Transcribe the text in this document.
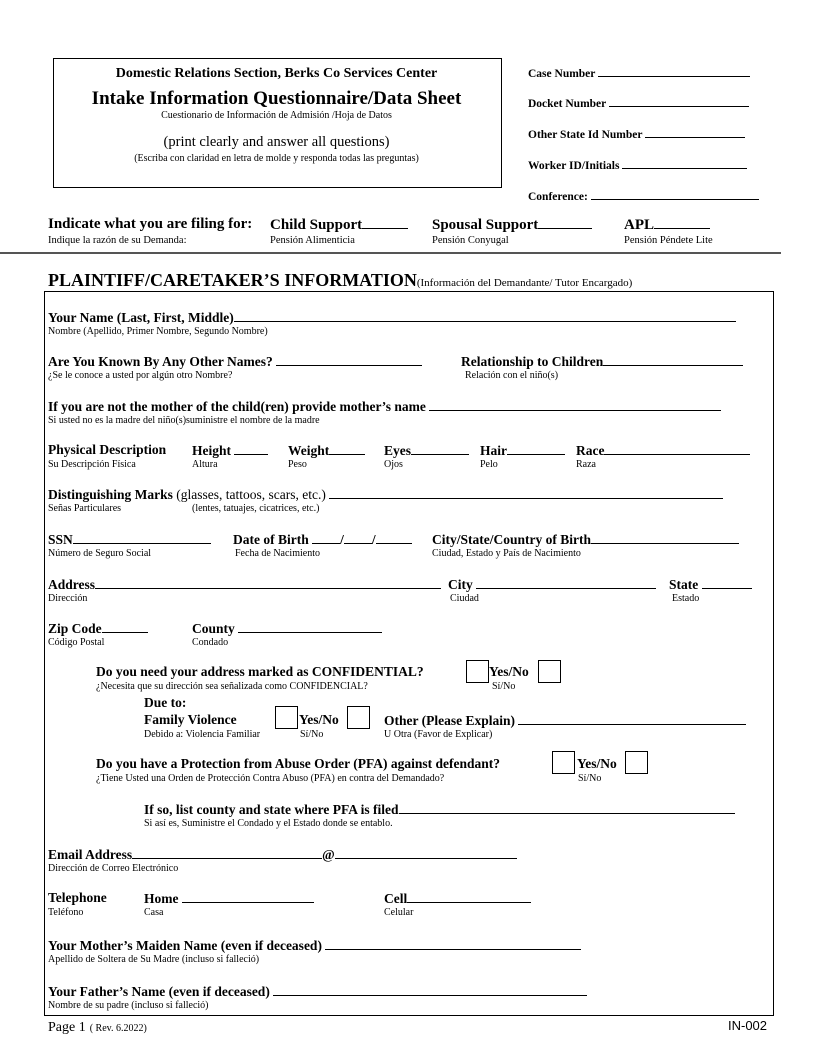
Domestic Relations Section, Berks Co Services Center
Intake Information Questionnaire/Data Sheet
Cuestionario de Información de Admisión /Hoja de Datos
(print clearly and answer all questions)
(Escriba con claridad en letra de molde y responda todas las preguntas)
Case Number
Docket Number
Other State Id Number
Worker ID/Initials
Conference:
Indicate what you are filing for: Child Support	Spousal Support	APL
Indique la razón de su Demanda:	Pensión Alimenticia	Pensión Conyugal	Pensión Péndete Lite
PLAINTIFF/CARETAKER’S INFORMATION(Información del Demandante/ Tutor Encargado)
Your Name (Last, First, Middle)
Nombre (Apellido, Primer Nombre, Segundo Nombre)
Are You Known By Any Other Names?
¿Se le conoce a usted por algún otro Nombre?
Relationship to Children
Relación con el niño(s)
If you are not the mother of the child(ren) provide mother’s name
Si usted no es la madre del niño(s)suministre el nombre de la madre
Physical Description
Su Descripción Física
Height
Altura
Weight
Peso
Eyes
Ojos
Hair
Pelo
Race
Raza
Distinguishing Marks (glasses, tattoos, scars, etc.)
Señas Particulares	(lentes, tatuajes, cicatrices, etc.)
SSN
Número de Seguro Social
Date of Birth / /
Fecha de Nacimiento
City/State/Country of Birth
Ciudad, Estado y País de Nacimiento
Address
Dirección
City
Ciudad
State
Estado
Zip Code
Código Postal
County
Condado
Do you need your address marked as CONFIDENTIAL?
¿Necesita que su dirección sea señalizada como CONFIDENCIAL?
Yes/No
Sí/No
Due to:
Family Violence
Debido a: Violencia Familiar
Yes/No
Sí/No
Other (Please Explain)
U Otra (Favor de Explicar)
Do you have a Protection from Abuse Order (PFA) against defendant?
¿Tiene Usted una Orden de Protección Contra Abuso (PFA) en contra del Demandado?
Yes/No
Sí/No
If so, list county and state where PFA is filed
Si así es, Suministre el Condado y el Estado donde se entablo.
Email Address	@
Dirección de Correo Electrónico
Telephone
Teléfono
Home
Casa
Cell
Celular
Your Mother’s Maiden Name (even if deceased)
Apellido de Soltera de Su Madre (incluso si falleció)
Your Father’s Name (even if deceased)
Nombre de su padre (incluso si falleció)
Page 1 ( Rev. 6.2022)	IN-002
